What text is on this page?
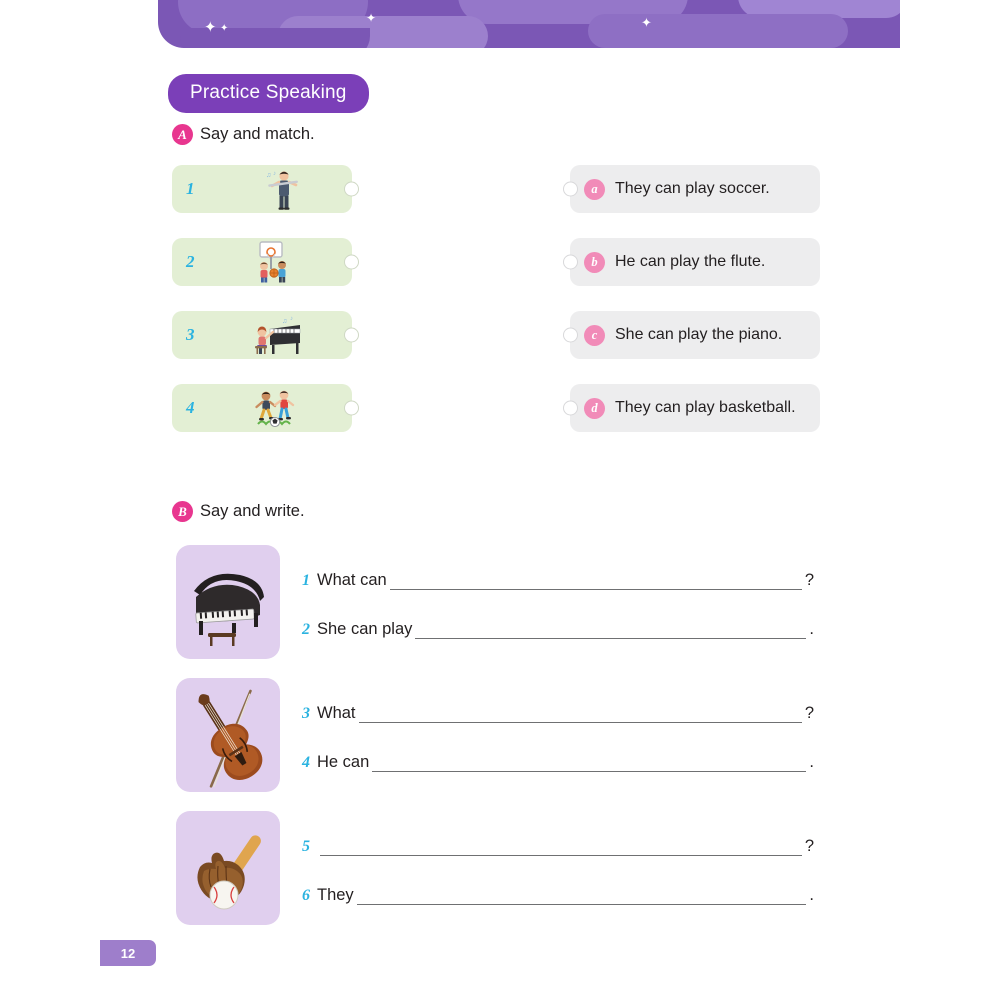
✦ ✦
✦	✦
Practice Speaking
A Say and match.
1
♫ ♪
2
3
♫ ♪
4
a	They can play soccer.
b	He can play the flute.
c	She can play the piano.
d	They can play basketball.
B Say and write.
1 What can	?
2 She can play	.
3 What	?
4 He can	.
5	?
6 They	.
12
